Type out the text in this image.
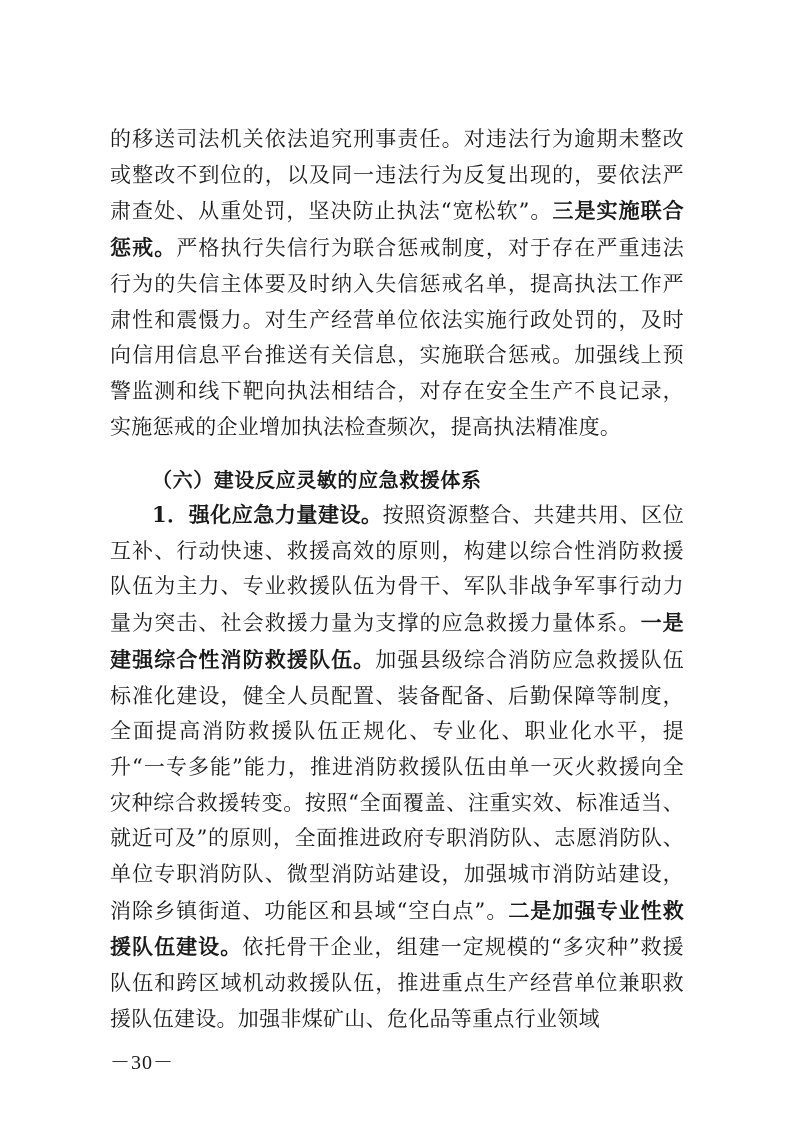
的移送司法机关依法追究刑事责任。对违法行为逾期未整改或整改不到位的，以及同一违法行为反复出现的，要依法严肃查处、从重处罚，坚决防止执法“宽松软”。三是实施联合惩戒。严格执行失信行为联合惩戒制度，对于存在严重违法行为的失信主体要及时纳入失信惩戒名单，提高执法工作严肃性和震慑力。对生产经营单位依法实施行政处罚的，及时向信用信息平台推送有关信息，实施联合惩戒。加强线上预警监测和线下靶向执法相结合，对存在安全生产不良记录，实施惩戒的企业增加执法检查频次，提高执法精准度。

（六）建设反应灵敏的应急救援体系

1．强化应急力量建设。按照资源整合、共建共用、区位互补、行动快速、救援高效的原则，构建以综合性消防救援队伍为主力、专业救援队伍为骨干、军队非战争军事行动力量为突击、社会救援力量为支撑的应急救援力量体系。一是建强综合性消防救援队伍。加强县级综合消防应急救援队伍标准化建设，健全人员配置、装备配备、后勤保障等制度，全面提高消防救援队伍正规化、专业化、职业化水平，提升“一专多能”能力，推进消防救援队伍由单一灭火救援向全灾种综合救援转变。按照“全面覆盖、注重实效、标准适当、就近可及”的原则，全面推进政府专职消防队、志愿消防队、单位专职消防队、微型消防站建设，加强城市消防站建设，消除乡镇街道、功能区和县域“空白点”。二是加强专业性救援队伍建设。依托骨干企业，组建一定规模的“多灾种”救援队伍和跨区域机动救援队伍，推进重点生产经营单位兼职救援队伍建设。加强非煤矿山、危化品等重点行业领域

－30－
